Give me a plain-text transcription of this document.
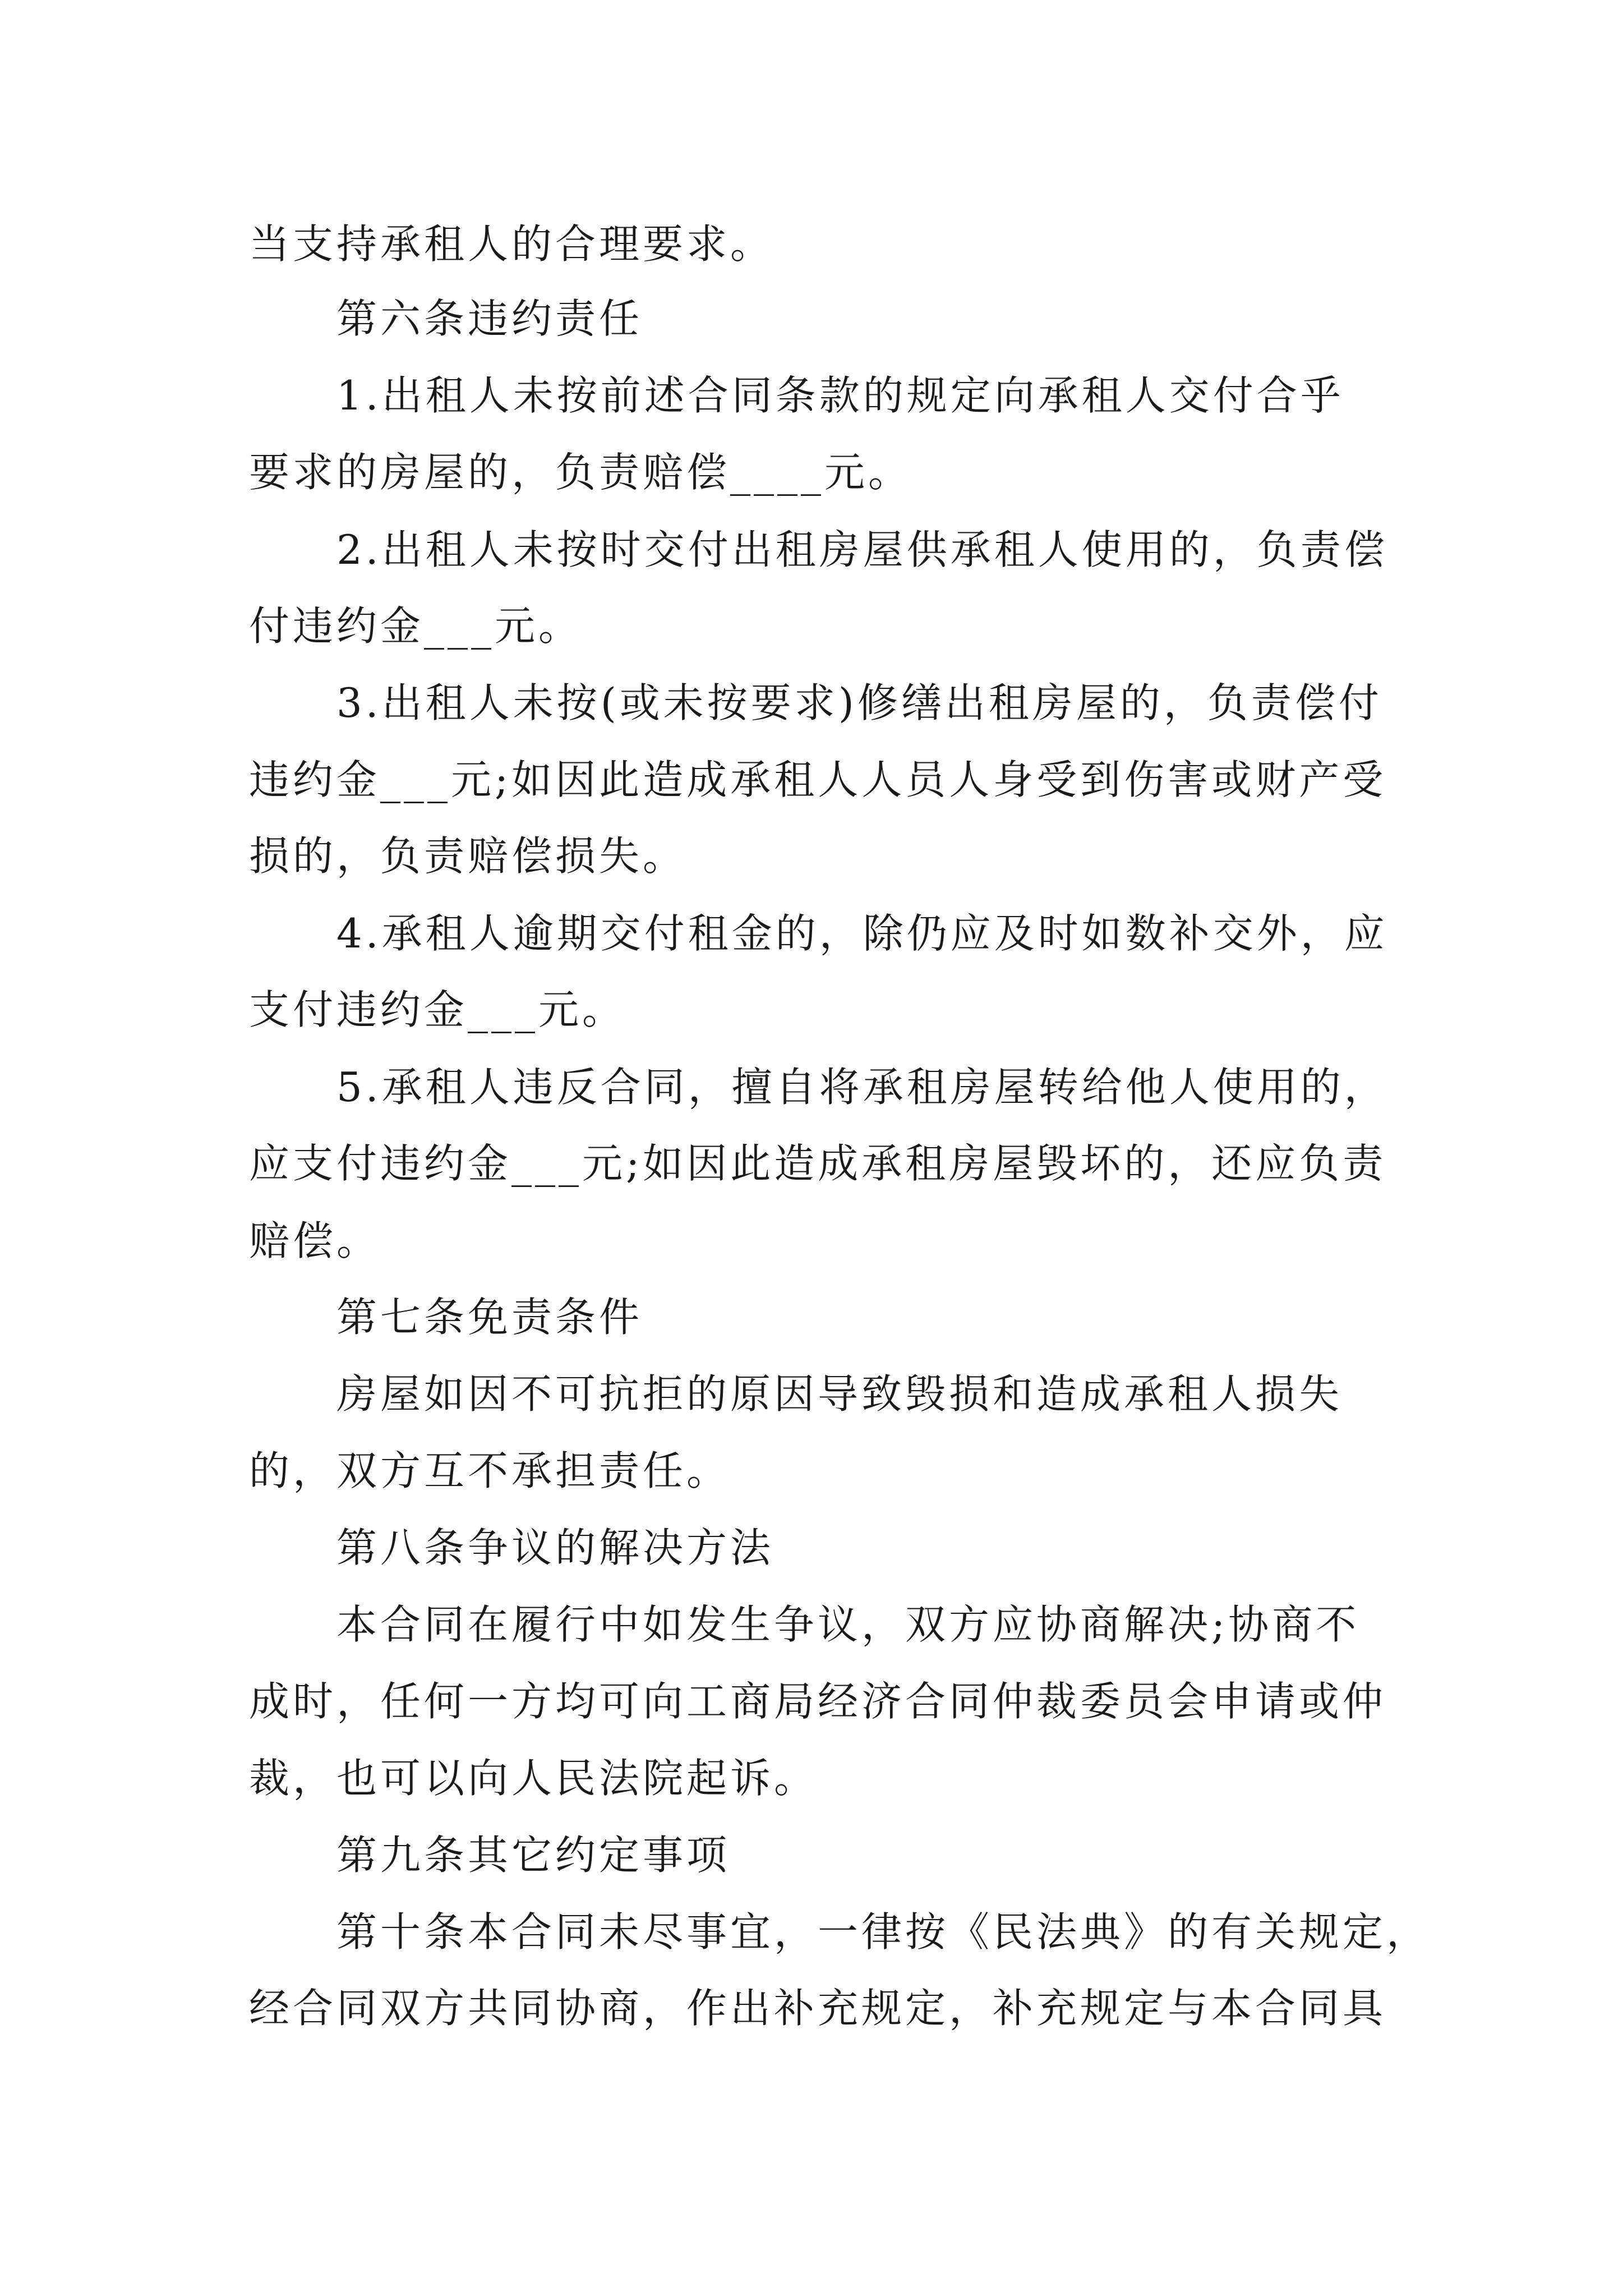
当支持承租人的合理要求。
第六条违约责任
1.出租人未按前述合同条款的规定向承租人交付合乎
要求的房屋的，负责赔偿____元。
2.出租人未按时交付出租房屋供承租人使用的，负责偿
付违约金___元。
3.出租人未按(或未按要求)修缮出租房屋的，负责偿付
违约金___元;如因此造成承租人人员人身受到伤害或财产受
损的，负责赔偿损失。
4.承租人逾期交付租金的，除仍应及时如数补交外，应
支付违约金___元。
5.承租人违反合同，擅自将承租房屋转给他人使用的，
应支付违约金___元;如因此造成承租房屋毁坏的，还应负责
赔偿。
第七条免责条件
房屋如因不可抗拒的原因导致毁损和造成承租人损失
的，双方互不承担责任。
第八条争议的解决方法
本合同在履行中如发生争议，双方应协商解决;协商不
成时，任何一方均可向工商局经济合同仲裁委员会申请或仲
裁，也可以向人民法院起诉。
第九条其它约定事项
第十条本合同未尽事宜，一律按《民法典》的有关规定，
经合同双方共同协商，作出补充规定，补充规定与本合同具
